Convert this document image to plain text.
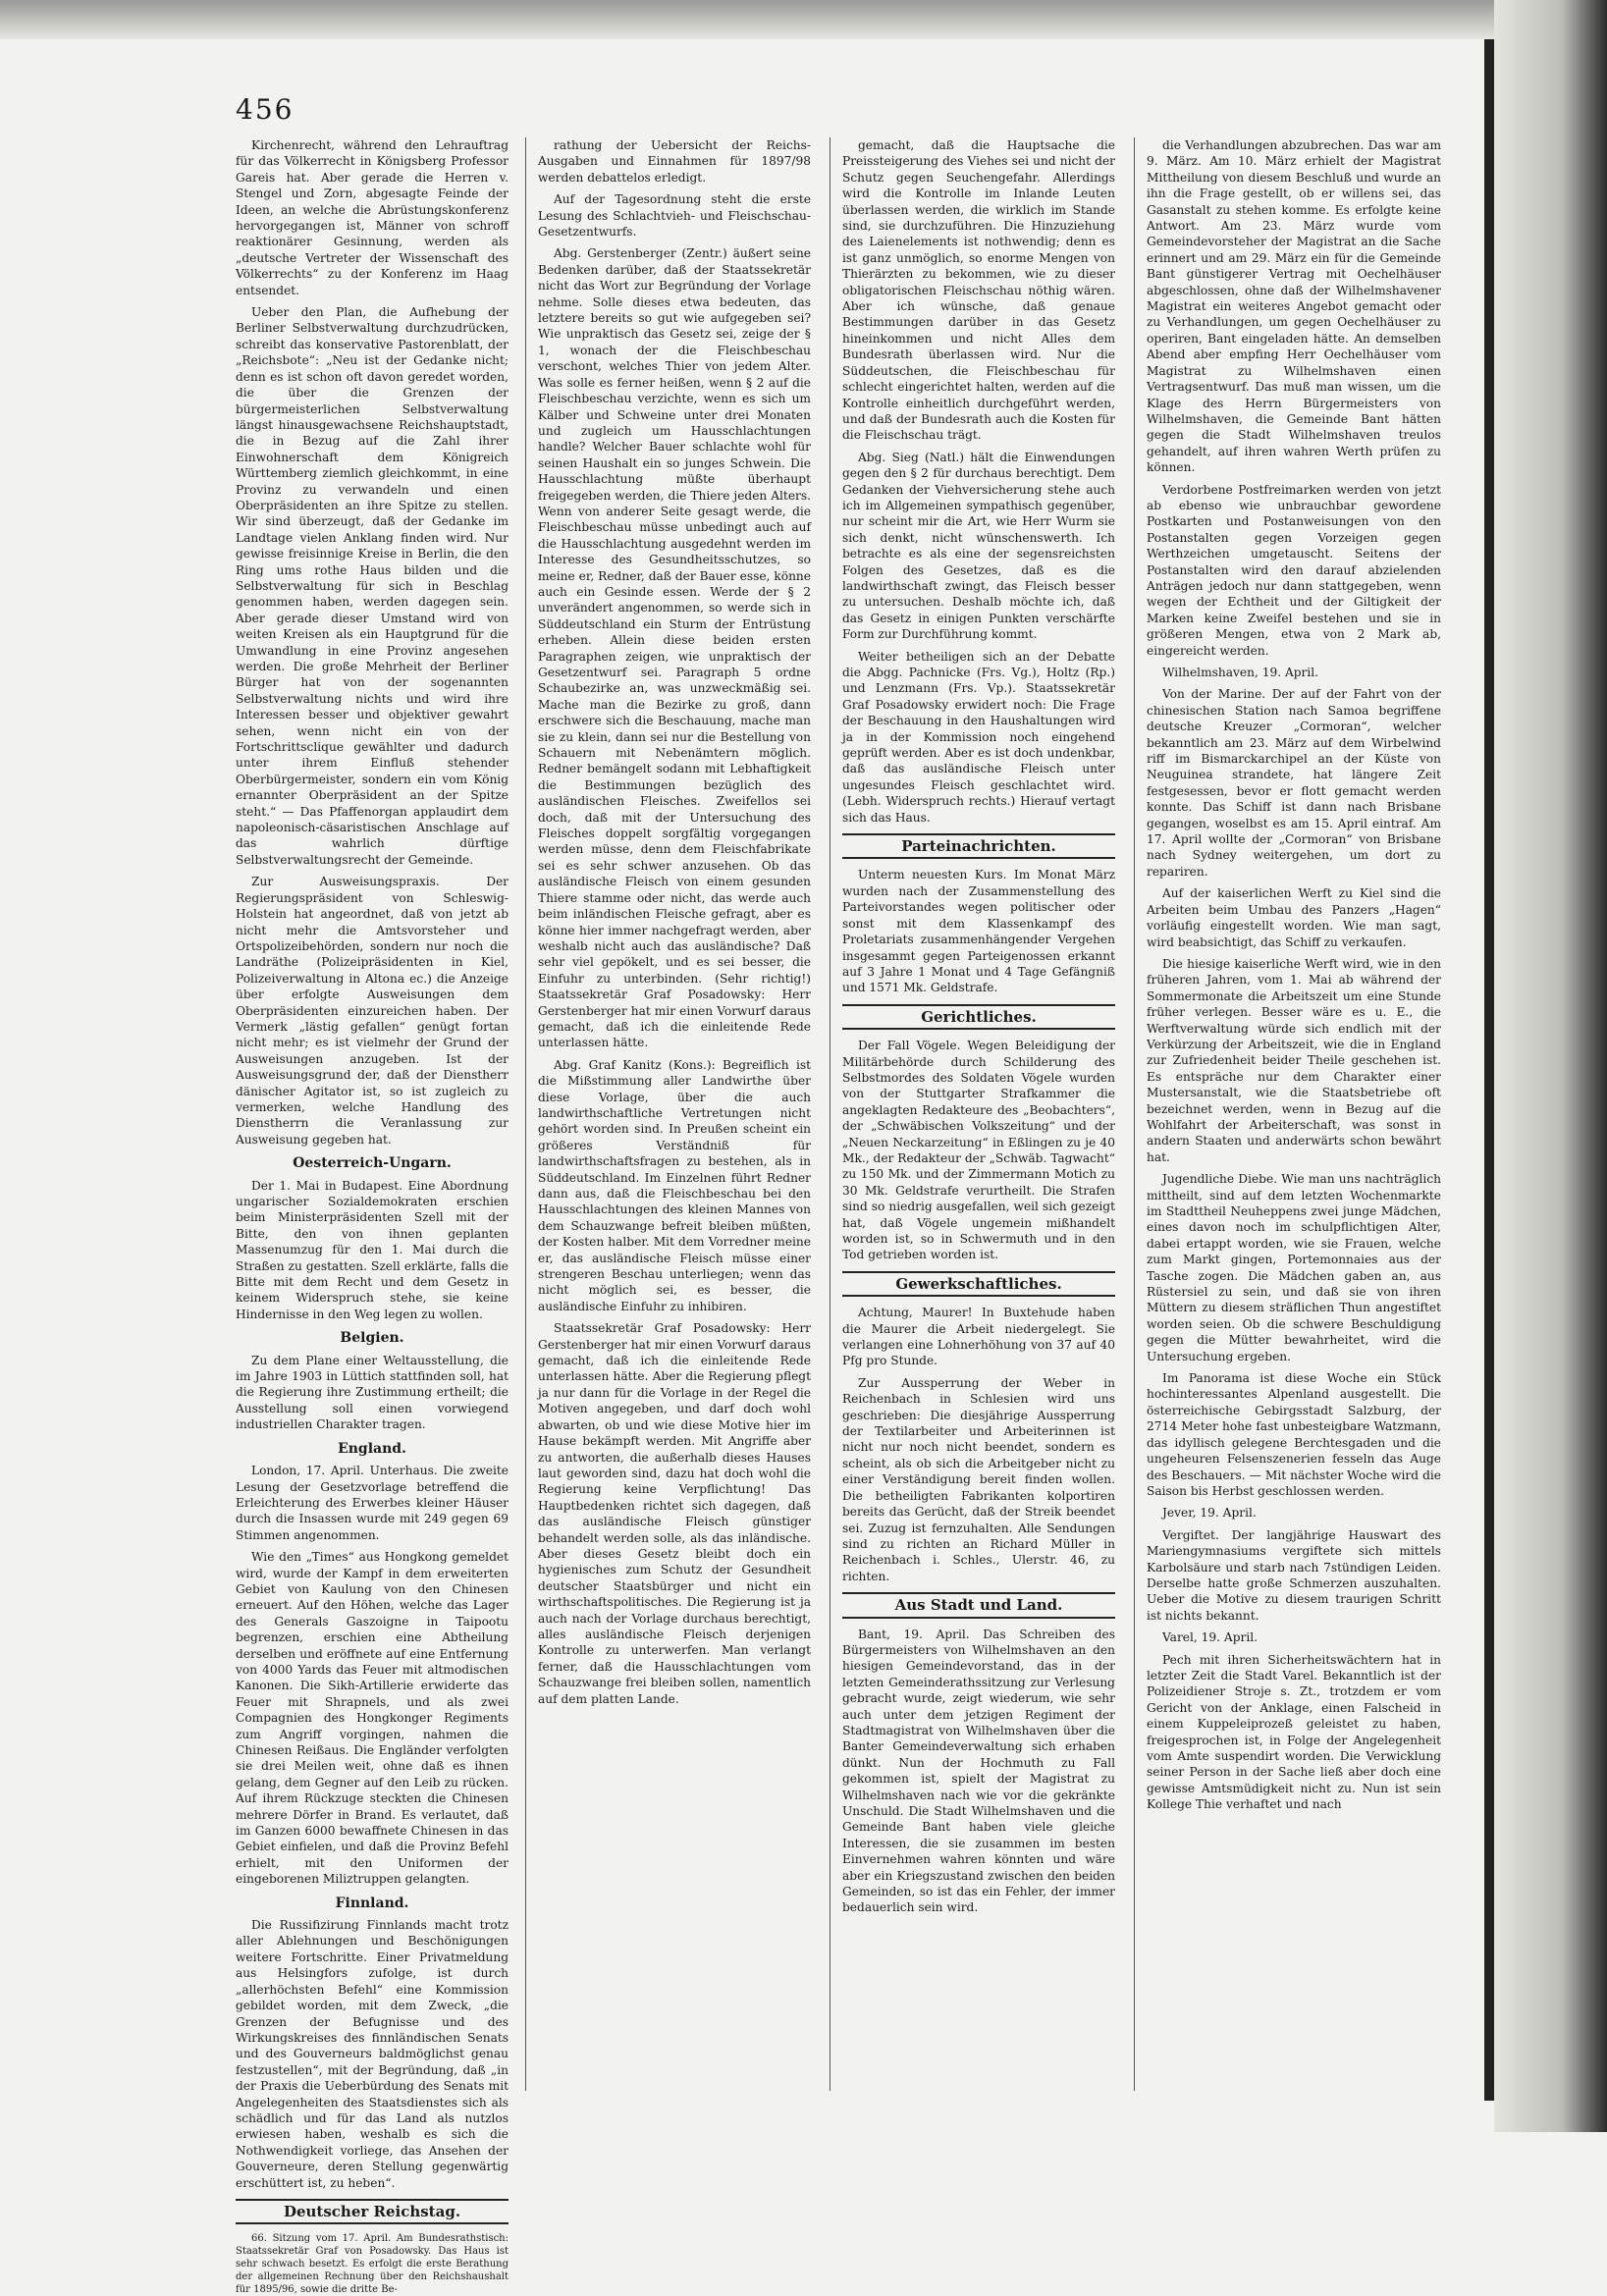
456

Kirchenrecht, während den Lehrauftrag für das Völkerrecht in Königsberg Professor Gareis hat. Aber gerade die Herren v. Stengel und Zorn, abgesagte Feinde der Ideen, an welche die Abrüstungskonferenz hervorgegangen ist, Männer von schroff reaktionärer Gesinnung, werden als „deutsche Vertreter der Wissenschaft des Völkerrechts“ zu der Konferenz im Haag entsendet.

Ueber den Plan, die Aufhebung der Berliner Selbstverwaltung durchzudrücken, schreibt das konservative Pastorenblatt, der „Reichsbote“: „Neu ist der Gedanke nicht; denn es ist schon oft davon geredet worden, die über die Grenzen der bürgermeisterlichen Selbstverwaltung längst hinausgewachsene Reichshauptstadt, die in Bezug auf die Zahl ihrer Einwohnerschaft dem Königreich Württemberg ziemlich gleichkommt, in eine Provinz zu verwandeln und einen Oberpräsidenten an ihre Spitze zu stellen. Wir sind überzeugt, daß der Gedanke im Landtage vielen Anklang finden wird. Nur gewisse freisinnige Kreise in Berlin, die den Ring ums rothe Haus bilden und die Selbstverwaltung für sich in Beschlag genommen haben, werden dagegen sein. Aber gerade dieser Umstand wird von weiten Kreisen als ein Hauptgrund für die Umwandlung in eine Provinz angesehen werden. Die große Mehrheit der Berliner Bürger hat von der sogenannten Selbstverwaltung nichts und wird ihre Interessen besser und objektiver gewahrt sehen, wenn nicht ein von der Fortschrittsclique gewählter und dadurch unter ihrem Einfluß stehender Oberbürgermeister, sondern ein vom König ernannter Oberpräsident an der Spitze steht.“ — Das Pfaffenorgan applaudirt dem napoleonisch-cäsaristischen Anschlage auf das wahrlich dürftige Selbstverwaltungsrecht der Gemeinde.

Zur Ausweisungspraxis. Der Regierungspräsident von Schleswig-Holstein hat angeordnet, daß von jetzt ab nicht mehr die Amtsvorsteher und Ortspolizeibehörden, sondern nur noch die Landräthe (Polizeipräsidenten in Kiel, Polizeiverwaltung in Altona ec.) die Anzeige über erfolgte Ausweisungen dem Oberpräsidenten einzureichen haben. Der Vermerk „lästig gefallen“ genügt fortan nicht mehr; es ist vielmehr der Grund der Ausweisungen anzugeben. Ist der Ausweisungsgrund der, daß der Dienstherr dänischer Agitator ist, so ist zugleich zu vermerken, welche Handlung des Dienstherrn die Veranlassung zur Ausweisung gegeben hat.

Oesterreich-Ungarn.

Der 1. Mai in Budapest. Eine Abordnung ungarischer Sozialdemokraten erschien beim Ministerpräsidenten Szell mit der Bitte, den von ihnen geplanten Massenumzug für den 1. Mai durch die Straßen zu gestatten. Szell erklärte, falls die Bitte mit dem Recht und dem Gesetz in keinem Widerspruch stehe, sie keine Hindernisse in den Weg legen zu wollen.

Belgien.

Zu dem Plane einer Weltausstellung, die im Jahre 1903 in Lüttich stattfinden soll, hat die Regierung ihre Zustimmung ertheilt; die Ausstellung soll einen vorwiegend industriellen Charakter tragen.

England.

London, 17. April. Unterhaus. Die zweite Lesung der Gesetzvorlage betreffend die Erleichterung des Erwerbes kleiner Häuser durch die Insassen wurde mit 249 gegen 69 Stimmen angenommen.

Wie den „Times“ aus Hongkong gemeldet wird, wurde der Kampf in dem erweiterten Gebiet von Kaulung von den Chinesen erneuert. Auf den Höhen, welche das Lager des Generals Gaszoigne in Taipootu begrenzen, erschien eine Abtheilung derselben und eröffnete auf eine Entfernung von 4000 Yards das Feuer mit altmodischen Kanonen. Die Sikh-Artillerie erwiderte das Feuer mit Shrapnels, und als zwei Compagnien des Hongkonger Regiments zum Angriff vorgingen, nahmen die Chinesen Reißaus. Die Engländer verfolgten sie drei Meilen weit, ohne daß es ihnen gelang, dem Gegner auf den Leib zu rücken. Auf ihrem Rückzuge steckten die Chinesen mehrere Dörfer in Brand. Es verlautet, daß im Ganzen 6000 bewaffnete Chinesen in das Gebiet einfielen, und daß die Provinz Befehl erhielt, mit den Uniformen der eingeborenen Miliztruppen gelangten.

Finnland.

Die Russifizirung Finnlands macht trotz aller Ablehnungen und Beschönigungen weitere Fortschritte. Einer Privatmeldung aus Helsingfors zufolge, ist durch „allerhöchsten Befehl“ eine Kommission gebildet worden, mit dem Zweck, „die Grenzen der Befugnisse und des Wirkungskreises des finnländischen Senats und des Gouverneurs baldmöglichst genau festzustellen“, mit der Begründung, daß „in der Praxis die Ueberbürdung des Senats mit Angelegenheiten des Staatsdienstes sich als schädlich und für das Land als nutzlos erwiesen haben, weshalb es sich die Nothwendigkeit vorliege, das Ansehen der Gouverneure, deren Stellung gegenwärtig erschüttert ist, zu heben“.

Deutscher Reichstag.

66. Sitzung vom 17. April. Am Bundesrathstisch: Staatssekretär Graf von Posadowsky. Das Haus ist sehr schwach besetzt. Es erfolgt die erste Berathung der allgemeinen Rechnung über den Reichshaushalt für 1895/96, sowie die dritte Be-

rathung der Uebersicht der Reichs-Ausgaben und Einnahmen für 1897/98 werden debattelos erledigt.

Auf der Tagesordnung steht die erste Lesung des Schlachtvieh- und Fleischschau-Gesetzentwurfs.

Abg. Gerstenberger (Zentr.) äußert seine Bedenken darüber, daß der Staatssekretär nicht das Wort zur Begründung der Vorlage nehme. Solle dieses etwa bedeuten, das letztere bereits so gut wie aufgegeben sei? Wie unpraktisch das Gesetz sei, zeige der § 1, wonach der die Fleischbeschau verschont, welches Thier von jedem Alter. Was solle es ferner heißen, wenn § 2 auf die Fleischbeschau verzichte, wenn es sich um Kälber und Schweine unter drei Monaten und zugleich um Hausschlachtungen handle? Welcher Bauer schlachte wohl für seinen Haushalt ein so junges Schwein. Die Hausschlachtung müßte überhaupt freigegeben werden, die Thiere jeden Alters. Wenn von anderer Seite gesagt werde, die Fleischbeschau müsse unbedingt auch auf die Hausschlachtung ausgedehnt werden im Interesse des Gesundheitsschutzes, so meine er, Redner, daß der Bauer esse, könne auch ein Gesinde essen. Werde der § 2 unverändert angenommen, so werde sich in Süddeutschland ein Sturm der Entrüstung erheben. Allein diese beiden ersten Paragraphen zeigen, wie unpraktisch der Gesetzentwurf sei. Paragraph 5 ordne Schaubezirke an, was unzweckmäßig sei. Mache man die Bezirke zu groß, dann erschwere sich die Beschauung, mache man sie zu klein, dann sei nur die Bestellung von Schauern mit Nebenämtern möglich. Redner bemängelt sodann mit Lebhaftigkeit die Bestimmungen bezüglich des ausländischen Fleisches. Zweifellos sei doch, daß mit der Untersuchung des Fleisches doppelt sorgfältig vorgegangen werden müsse, denn dem Fleischfabrikate sei es sehr schwer anzusehen. Ob das ausländische Fleisch von einem gesunden Thiere stamme oder nicht, das werde auch beim inländischen Fleische gefragt, aber es könne hier immer nachgefragt werden, aber weshalb nicht auch das ausländische? Daß sehr viel gepökelt, und es sei besser, die Einfuhr zu unterbinden. (Sehr richtig!) Staatssekretär Graf Posadowsky: Herr Gerstenberger hat mir einen Vorwurf daraus gemacht, daß ich die einleitende Rede unterlassen hätte.

Abg. Graf Kanitz (Kons.): Begreiflich ist die Mißstimmung aller Landwirthe über diese Vorlage, über die auch landwirthschaftliche Vertretungen nicht gehört worden sind. In Preußen scheint ein größeres Verständniß für landwirthschaftsfragen zu bestehen, als in Süddeutschland. Im Einzelnen führt Redner dann aus, daß die Fleischbeschau bei den Hausschlachtungen des kleinen Mannes von dem Schauzwange befreit bleiben müßten, der Kosten halber. Mit dem Vorredner meine er, das ausländische Fleisch müsse einer strengeren Beschau unterliegen; wenn das nicht möglich sei, es besser, die ausländische Einfuhr zu inhibiren.

Staatssekretär Graf Posadowsky: Herr Gerstenberger hat mir einen Vorwurf daraus gemacht, daß ich die einleitende Rede unterlassen hätte. Aber die Regierung pflegt ja nur dann für die Vorlage in der Regel die Motiven angegeben, und darf doch wohl abwarten, ob und wie diese Motive hier im Hause bekämpft werden. Mit Angriffe aber zu antworten, die außerhalb dieses Hauses laut geworden sind, dazu hat doch wohl die Regierung keine Verpflichtung! Das Hauptbedenken richtet sich dagegen, daß das ausländische Fleisch günstiger behandelt werden solle, als das inländische. Aber dieses Gesetz bleibt doch ein hygienisches zum Schutz der Gesundheit deutscher Staatsbürger und nicht ein wirthschaftspolitisches. Die Regierung ist ja auch nach der Vorlage durchaus berechtigt, alles ausländische Fleisch derjenigen Kontrolle zu unterwerfen. Man verlangt ferner, daß die Hausschlachtungen vom Schauzwange frei bleiben sollen, namentlich auf dem platten Lande.

gemacht, daß die Hauptsache die Preissteigerung des Viehes sei und nicht der Schutz gegen Seuchengefahr. Allerdings wird die Kontrolle im Inlande Leuten überlassen werden, die wirklich im Stande sind, sie durchzuführen. Die Hinzuziehung des Laienelements ist nothwendig; denn es ist ganz unmöglich, so enorme Mengen von Thierärzten zu bekommen, wie zu dieser obligatorischen Fleischschau nöthig wären. Aber ich wünsche, daß genaue Bestimmungen darüber in das Gesetz hineinkommen und nicht Alles dem Bundesrath überlassen wird. Nur die Süddeutschen, die Fleischbeschau für schlecht eingerichtet halten, werden auf die Kontrolle einheitlich durchgeführt werden, und daß der Bundesrath auch die Kosten für die Fleischschau trägt.

Abg. Sieg (Natl.) hält die Einwendungen gegen den § 2 für durchaus berechtigt. Dem Gedanken der Viehversicherung stehe auch ich im Allgemeinen sympathisch gegenüber, nur scheint mir die Art, wie Herr Wurm sie sich denkt, nicht wünschenswerth. Ich betrachte es als eine der segensreichsten Folgen des Gesetzes, daß es die landwirthschaft zwingt, das Fleisch besser zu untersuchen. Deshalb möchte ich, daß das Gesetz in einigen Punkten verschärfte Form zur Durchführung kommt.

Weiter betheiligen sich an der Debatte die Abgg. Pachnicke (Frs. Vg.), Holtz (Rp.) und Lenzmann (Frs. Vp.). Staatssekretär Graf Posadowsky erwidert noch: Die Frage der Beschauung in den Haushaltungen wird ja in der Kommission noch eingehend geprüft werden. Aber es ist doch undenkbar, daß das ausländische Fleisch unter ungesundes Fleisch geschlachtet wird. (Lebh. Widerspruch rechts.) Hierauf vertagt sich das Haus.

Parteinachrichten.

Unterm neuesten Kurs. Im Monat März wurden nach der Zusammenstellung des Parteivorstandes wegen politischer oder sonst mit dem Klassenkampf des Proletariats zusammenhängender Vergehen insgesammt gegen Parteigenossen erkannt auf 3 Jahre 1 Monat und 4 Tage Gefängniß und 1571 Mk. Geldstrafe.

Gerichtliches.

Der Fall Vögele. Wegen Beleidigung der Militärbehörde durch Schilderung des Selbstmordes des Soldaten Vögele wurden von der Stuttgarter Strafkammer die angeklagten Redakteure des „Beobachters“, der „Schwäbischen Volkszeitung“ und der „Neuen Neckarzeitung“ in Eßlingen zu je 40 Mk., der Redakteur der „Schwäb. Tagwacht“ zu 150 Mk. und der Zimmermann Motich zu 30 Mk. Geldstrafe verurtheilt. Die Strafen sind so niedrig ausgefallen, weil sich gezeigt hat, daß Vögele ungemein mißhandelt worden ist, so in Schwermuth und in den Tod getrieben worden ist.

Gewerkschaftliches.

Achtung, Maurer! In Buxtehude haben die Maurer die Arbeit niedergelegt. Sie verlangen eine Lohnerhöhung von 37 auf 40 Pfg pro Stunde.

Zur Aussperrung der Weber in Reichenbach in Schlesien wird uns geschrieben: Die diesjährige Aussperrung der Textilarbeiter und Arbeiterinnen ist nicht nur noch nicht beendet, sondern es scheint, als ob sich die Arbeitgeber nicht zu einer Verständigung bereit finden wollen. Die betheiligten Fabrikanten kolportiren bereits das Gerücht, daß der Streik beendet sei. Zuzug ist fernzuhalten. Alle Sendungen sind zu richten an Richard Müller in Reichenbach i. Schles., Ulerstr. 46, zu richten.

Aus Stadt und Land.

Bant, 19. April. Das Schreiben des Bürgermeisters von Wilhelmshaven an den hiesigen Gemeindevorstand, das in der letzten Gemeinderathssitzung zur Verlesung gebracht wurde, zeigt wiederum, wie sehr auch unter dem jetzigen Regiment der Stadtmagistrat von Wilhelmshaven über die Banter Gemeindeverwaltung sich erhaben dünkt. Nun der Hochmuth zu Fall gekommen ist, spielt der Magistrat zu Wilhelmshaven nach wie vor die gekränkte Unschuld. Die Stadt Wilhelmshaven und die Gemeinde Bant haben viele gleiche Interessen, die sie zusammen im besten Einvernehmen wahren könnten und wäre aber ein Kriegszustand zwischen den beiden Gemeinden, so ist das ein Fehler, der immer bedauerlich sein wird.

die Verhandlungen abzubrechen. Das war am 9. März. Am 10. März erhielt der Magistrat Mittheilung von diesem Beschluß und wurde an ihn die Frage gestellt, ob er willens sei, das Gasanstalt zu stehen komme. Es erfolgte keine Antwort. Am 23. März wurde vom Gemeindevorsteher der Magistrat an die Sache erinnert und am 29. März ein für die Gemeinde Bant günstigerer Vertrag mit Oechelhäuser abgeschlossen, ohne daß der Wilhelmshavener Magistrat ein weiteres Angebot gemacht oder zu Verhandlungen, um gegen Oechelhäuser zu operiren, Bant eingeladen hätte. An demselben Abend aber empfing Herr Oechelhäuser vom Magistrat zu Wilhelmshaven einen Vertragsentwurf. Das muß man wissen, um die Klage des Herrn Bürgermeisters von Wilhelmshaven, die Gemeinde Bant hätten gegen die Stadt Wilhelmshaven treulos gehandelt, auf ihren wahren Werth prüfen zu können.

Verdorbene Postfreimarken werden von jetzt ab ebenso wie unbrauchbar gewordene Postkarten und Postanweisungen von den Postanstalten gegen Vorzeigen gegen Werthzeichen umgetauscht. Seitens der Postanstalten wird den darauf abzielenden Anträgen jedoch nur dann stattgegeben, wenn wegen der Echtheit und der Giltigkeit der Marken keine Zweifel bestehen und sie in größeren Mengen, etwa von 2 Mark ab, eingereicht werden.

Wilhelmshaven, 19. April.

Von der Marine. Der auf der Fahrt von der chinesischen Station nach Samoa begriffene deutsche Kreuzer „Cormoran“, welcher bekanntlich am 23. März auf dem Wirbelwind riff im Bismarckarchipel an der Küste von Neuguinea strandete, hat längere Zeit festgesessen, bevor er flott gemacht werden konnte. Das Schiff ist dann nach Brisbane gegangen, woselbst es am 15. April eintraf. Am 17. April wollte der „Cormoran“ von Brisbane nach Sydney weitergehen, um dort zu repariren.

Auf der kaiserlichen Werft zu Kiel sind die Arbeiten beim Umbau des Panzers „Hagen“ vorläufig eingestellt worden. Wie man sagt, wird beabsichtigt, das Schiff zu verkaufen.

Die hiesige kaiserliche Werft wird, wie in den früheren Jahren, vom 1. Mai ab während der Sommermonate die Arbeitszeit um eine Stunde früher verlegen. Besser wäre es u. E., die Werftverwaltung würde sich endlich mit der Verkürzung der Arbeitszeit, wie die in England zur Zufriedenheit beider Theile geschehen ist. Es entspräche nur dem Charakter einer Mustersanstalt, wie die Staatsbetriebe oft bezeichnet werden, wenn in Bezug auf die Wohlfahrt der Arbeiterschaft, was sonst in andern Staaten und anderwärts schon bewährt hat.

Jugendliche Diebe. Wie man uns nachträglich mittheilt, sind auf dem letzten Wochenmarkte im Stadttheil Neuheppens zwei junge Mädchen, eines davon noch im schulpflichtigen Alter, dabei ertappt worden, wie sie Frauen, welche zum Markt gingen, Portemonnaies aus der Tasche zogen. Die Mädchen gaben an, aus Rüstersiel zu sein, und daß sie von ihren Müttern zu diesem sträflichen Thun angestiftet worden seien. Ob die schwere Beschuldigung gegen die Mütter bewahrheitet, wird die Untersuchung ergeben.

Im Panorama ist diese Woche ein Stück hochinteressantes Alpenland ausgestellt. Die österreichische Gebirgsstadt Salzburg, der 2714 Meter hohe fast unbesteigbare Watzmann, das idyllisch gelegene Berchtesgaden und die ungeheuren Felsenszenerien fesseln das Auge des Beschauers. — Mit nächster Woche wird die Saison bis Herbst geschlossen werden.

Jever, 19. April.

Vergiftet. Der langjährige Hauswart des Mariengymnasiums vergiftete sich mittels Karbolsäure und starb nach 7stündigen Leiden. Derselbe hatte große Schmerzen auszuhalten. Ueber die Motive zu diesem traurigen Schritt ist nichts bekannt.

Varel, 19. April.

Pech mit ihren Sicherheitswächtern hat in letzter Zeit die Stadt Varel. Bekanntlich ist der Polizeidiener Stroje s. Zt., trotzdem er vom Gericht von der Anklage, einen Falscheid in einem Kuppeleiprozeß geleistet zu haben, freigesprochen ist, in Folge der Angelegenheit vom Amte suspendirt worden. Die Verwicklung seiner Person in der Sache ließ aber doch eine gewisse Amtsmüdigkeit nicht zu. Nun ist sein Kollege Thie verhaftet und nach
